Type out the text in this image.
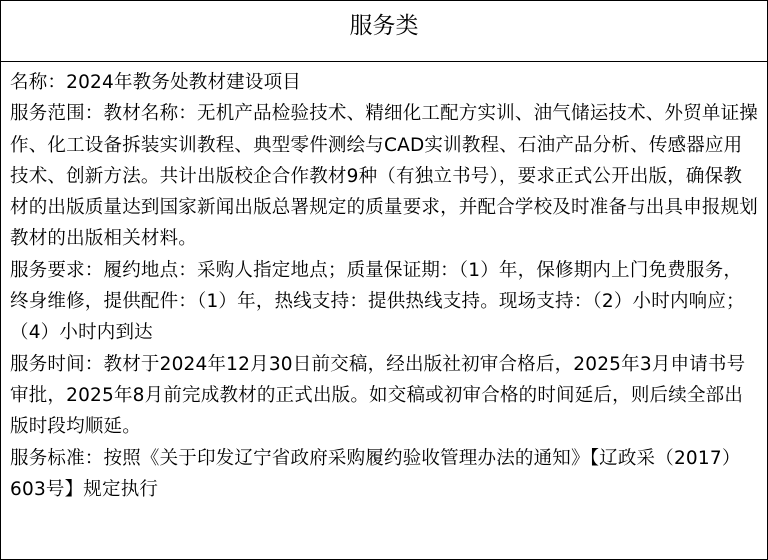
服务类

名称：2024年教务处教材建设项目

服务范围：教材名称：无机产品检验技术、精细化工配方实训、油气储运技术、外贸单证操作、化工设备拆装实训教程、典型零件测绘与CAD实训教程、石油产品分析、传感器应用技术、创新方法。共计出版校企合作教材9种（有独立书号），要求正式公开出版，确保教材的出版质量达到国家新闻出版总署规定的质量要求，并配合学校及时准备与出具申报规划教材的出版相关材料。

服务要求：履约地点：采购人指定地点；质量保证期：（1）年，保修期内上门免费服务，终身维修，提供配件：（1）年，热线支持：提供热线支持。现场支持：（2）小时内响应；（4）小时内到达

服务时间：教材于2024年12月30日前交稿，经出版社初审合格后，2025年3月申请书号审批，2025年8月前完成教材的正式出版。如交稿或初审合格的时间延后，则后续全部出版时段均顺延。

服务标准：按照《关于印发辽宁省政府采购履约验收管理办法的通知》【辽政采（2017）603号】规定执行
